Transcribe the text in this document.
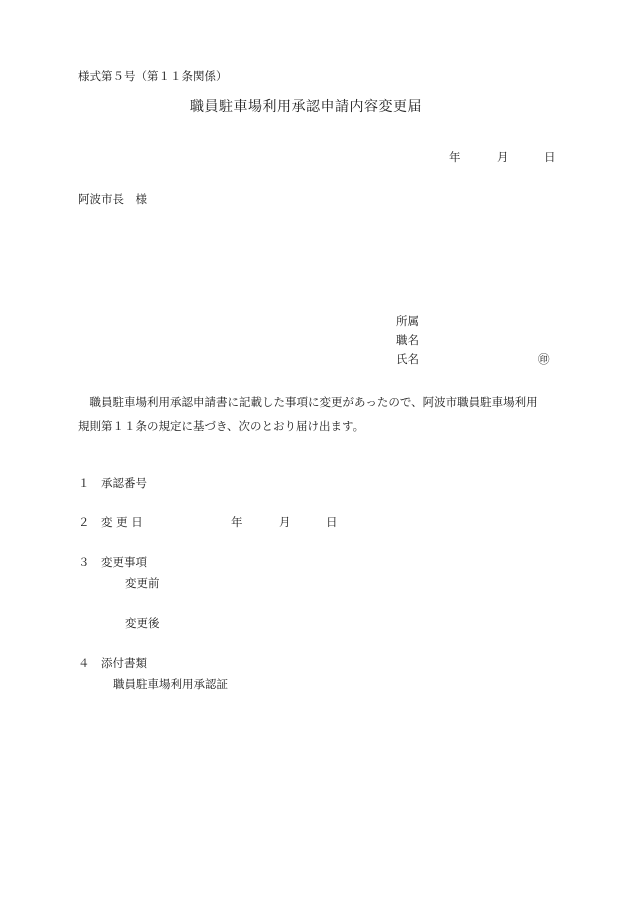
様式第５号（第１１条関係）
職員駐車場利用承認申請内容変更届
年	月	日
阿波市長　様
所属
職名
氏名	㊞
　職員駐車場利用承認申請書に記載した事項に変更があったので、阿波市職員駐車場利用
規則第１１条の規定に基づき、次のとおり届け出ます。
１ 承認番号
２ 変 更 日	年	月	日
３ 変更事項
変更前
変更後
４ 添付書類
職員駐車場利用承認証
